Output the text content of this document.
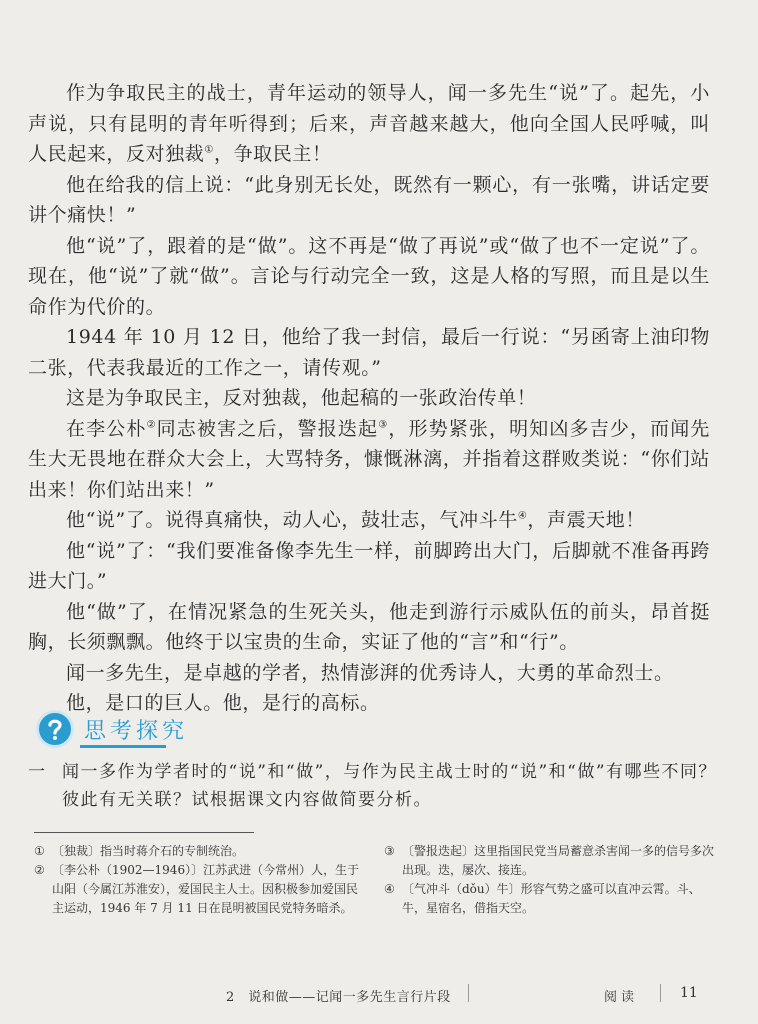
作为争取民主的战士，青年运动的领导人，闻一多先生“说”了。起先，小声说，只有昆明的青年听得到；后来，声音越来越大，他向全国人民呼喊，叫人民起来，反对独裁①，争取民主！

他在给我的信上说：“此身别无长处，既然有一颗心，有一张嘴，讲话定要讲个痛快！”

他“说”了，跟着的是“做”。这不再是“做了再说”或“做了也不一定说”了。现在，他“说”了就“做”。言论与行动完全一致，这是人格的写照，而且是以生命作为代价的。

1944 年 10 月 12 日，他给了我一封信，最后一行说：“另函寄上油印物二张，代表我最近的工作之一，请传观。”

这是为争取民主，反对独裁，他起稿的一张政治传单！

在李公朴②同志被害之后，警报迭起③，形势紧张，明知凶多吉少，而闻先生大无畏地在群众大会上，大骂特务，慷慨淋漓，并指着这群败类说：“你们站出来！你们站出来！”

他“说”了。说得真痛快，动人心，鼓壮志，气冲斗牛④，声震天地！

他“说”了：“我们要准备像李先生一样，前脚跨出大门，后脚就不准备再跨进大门。”

他“做”了，在情况紧急的生死关头，他走到游行示威队伍的前头，昂首挺胸，长须飘飘。他终于以宝贵的生命，实证了他的“言”和“行”。

闻一多先生，是卓越的学者，热情澎湃的优秀诗人，大勇的革命烈士。

他，是口的巨人。他，是行的高标。

思考探究
一 闻一多作为学者时的“说”和“做”，与作为民主战士时的“说”和“做”有哪些不同？彼此有无关联？试根据课文内容做简要分析。
① 〔独裁〕指当时蒋介石的专制统治。
② 〔李公朴（1902—1946）〕江苏武进（今常州）人，生于山阳（今属江苏淮安），爱国民主人士。因积极参加爱国民主运动，1946 年 7 月 11 日在昆明被国民党特务暗杀。
③ 〔警报迭起〕这里指国民党当局蓄意杀害闻一多的信号多次出现。迭，屡次、接连。
④ 〔气冲斗（dǒu）牛〕形容气势之盛可以直冲云霄。斗、牛，星宿名，借指天空。
2　说和做——记闻一多先生言行片段	阅读	11
